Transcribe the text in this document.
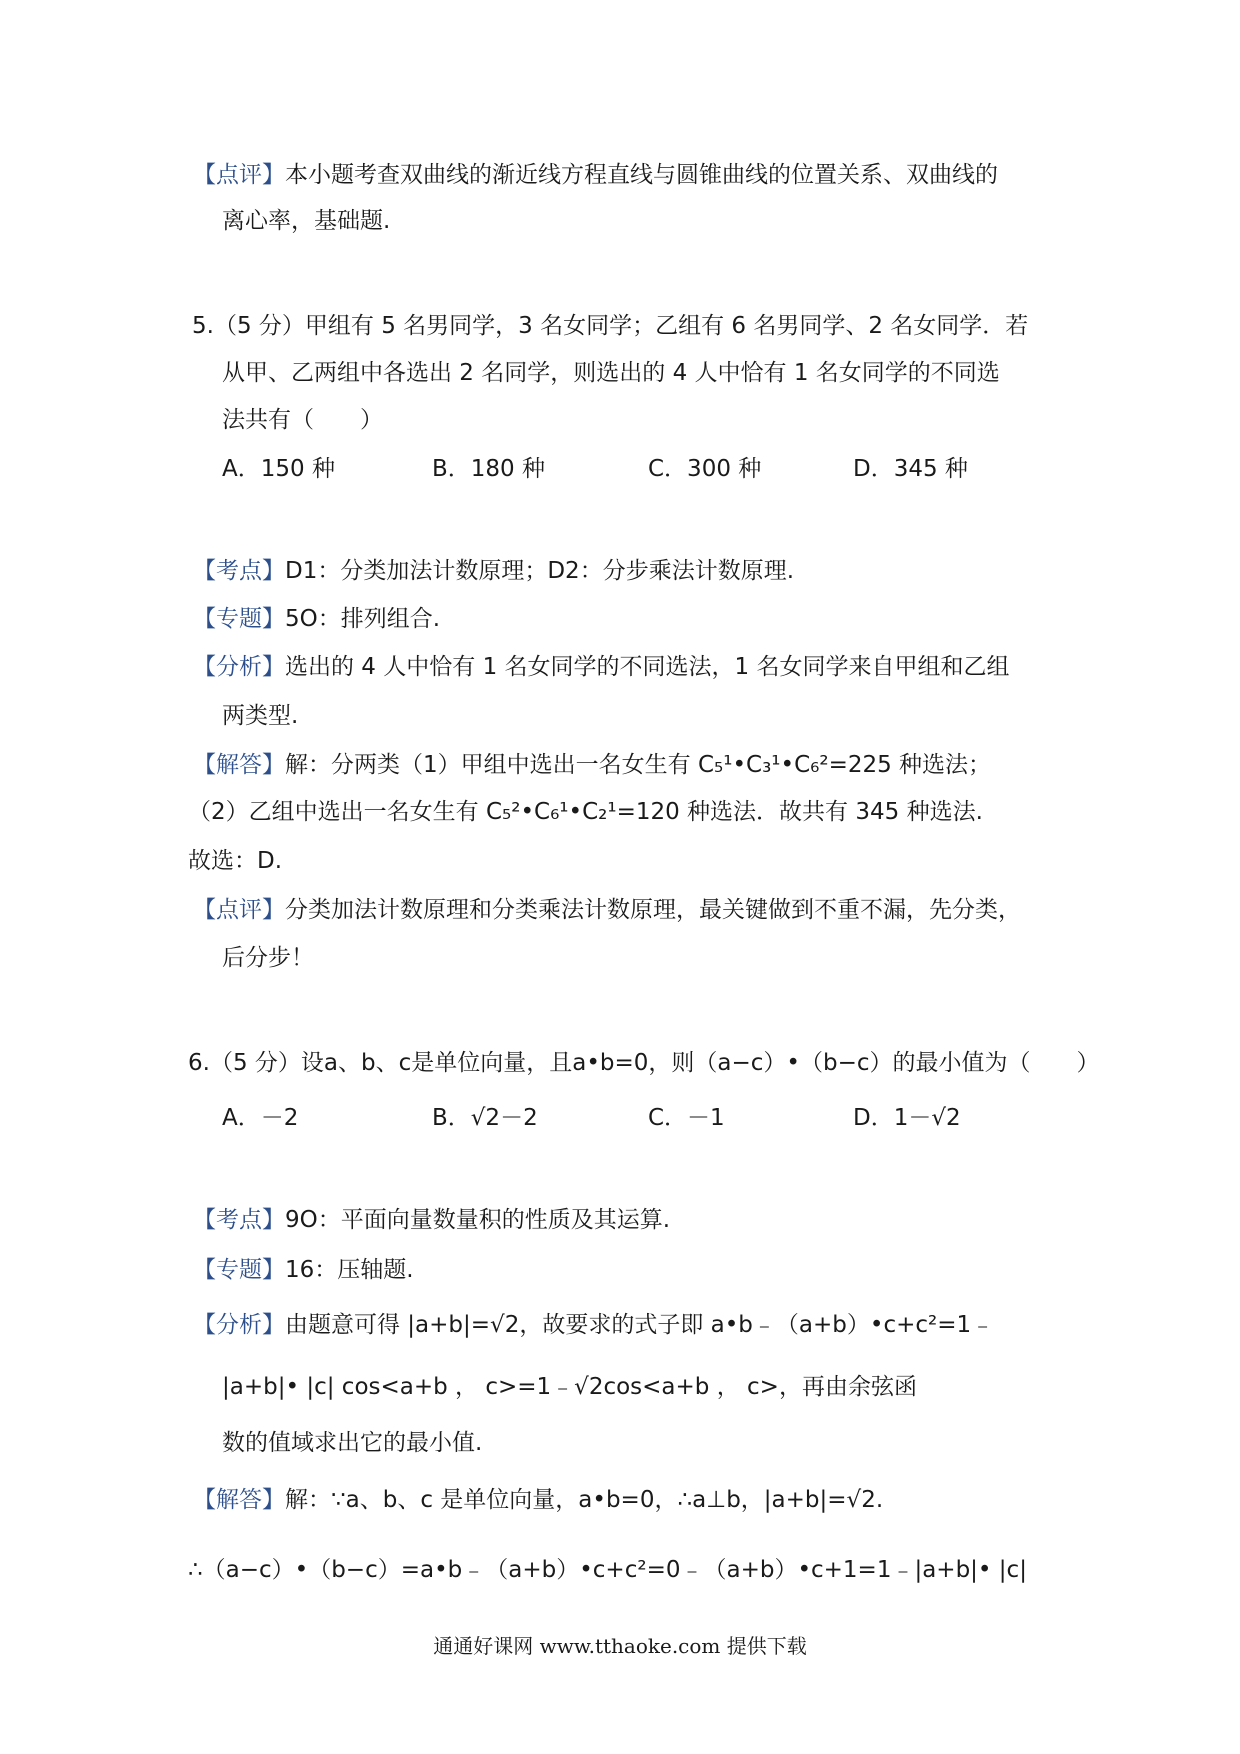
【点评】本小题考查双曲线的渐近线方程直线与圆锥曲线的位置关系、双曲线的
离心率，基础题.
5.（5 分）甲组有 5 名男同学，3 名女同学；乙组有 6 名男同学、2 名女同学．若
从甲、乙两组中各选出 2 名同学，则选出的 4 人中恰有 1 名女同学的不同选
法共有（　　）
A．150 种	B．180 种	C．300 种	D．345 种
【考点】D1：分类加法计数原理；D2：分步乘法计数原理.
【专题】5O：排列组合.
【分析】选出的 4 人中恰有 1 名女同学的不同选法，1 名女同学来自甲组和乙组
两类型.
【解答】解：分两类（1）甲组中选出一名女生有 C₅¹•C₃¹•C₆²=225 种选法；
（2）乙组中选出一名女生有 C₅²•C₆¹•C₂¹=120 种选法．故共有 345 种选法.
故选：D.
【点评】分类加法计数原理和分类乘法计数原理，最关键做到不重不漏，先分类，
后分步！
6.（5 分）设a、b、c是单位向量，且a•b=0，则（a−c）•（b−c）的最小值为（　　）
A．－2	B．√2－2	C．－1	D．1－√2
【考点】9O：平面向量数量积的性质及其运算.
【专题】16：压轴题.
【分析】由题意可得 |a+b|=√2，故要求的式子即 a•b﹣（a+b）•c+c²=1﹣
|a+b|• |c| cos<a+b ， c>=1﹣√2cos<a+b ， c>，再由余弦函
数的值域求出它的最小值.
【解答】解：∵a、b、c 是单位向量，a•b=0，∴a⊥b，|a+b|=√2.
∴（a−c）•（b−c）=a•b﹣（a+b）•c+c²=0﹣（a+b）•c+1=1﹣|a+b|• |c|
通通好课网 www.tthaoke.com 提供下载
